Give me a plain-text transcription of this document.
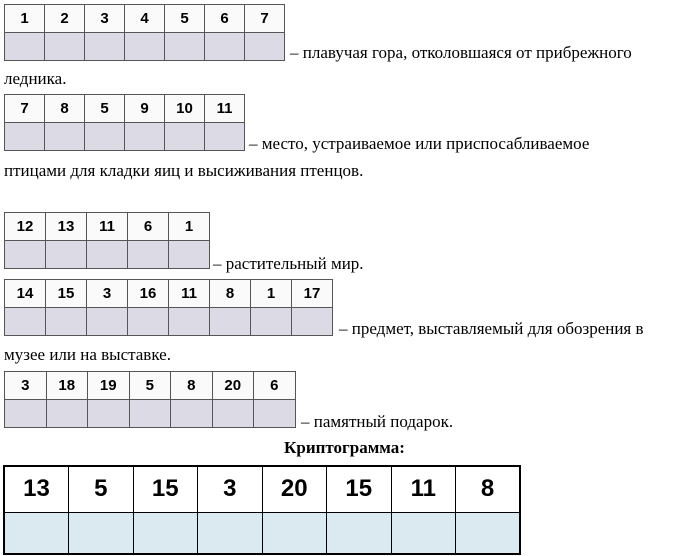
1	2	3	4	5	6	7

– плавучая гора, отколовшаяся от прибрежного
ледника.
7	8	5	9	10	11

– место, устраиваемое или приспосабливаемое
птицами для кладки яиц и высиживания птенцов.
12	13	11	6	1

– растительный мир.
14	15	3	16	11	8	1	17

– предмет, выставляемый для обозрения в
музее или на выставке.
3	18	19	5	8	20	6

– памятный подарок.
Криптограмма:
13	5	15	3	20	15	11	8
